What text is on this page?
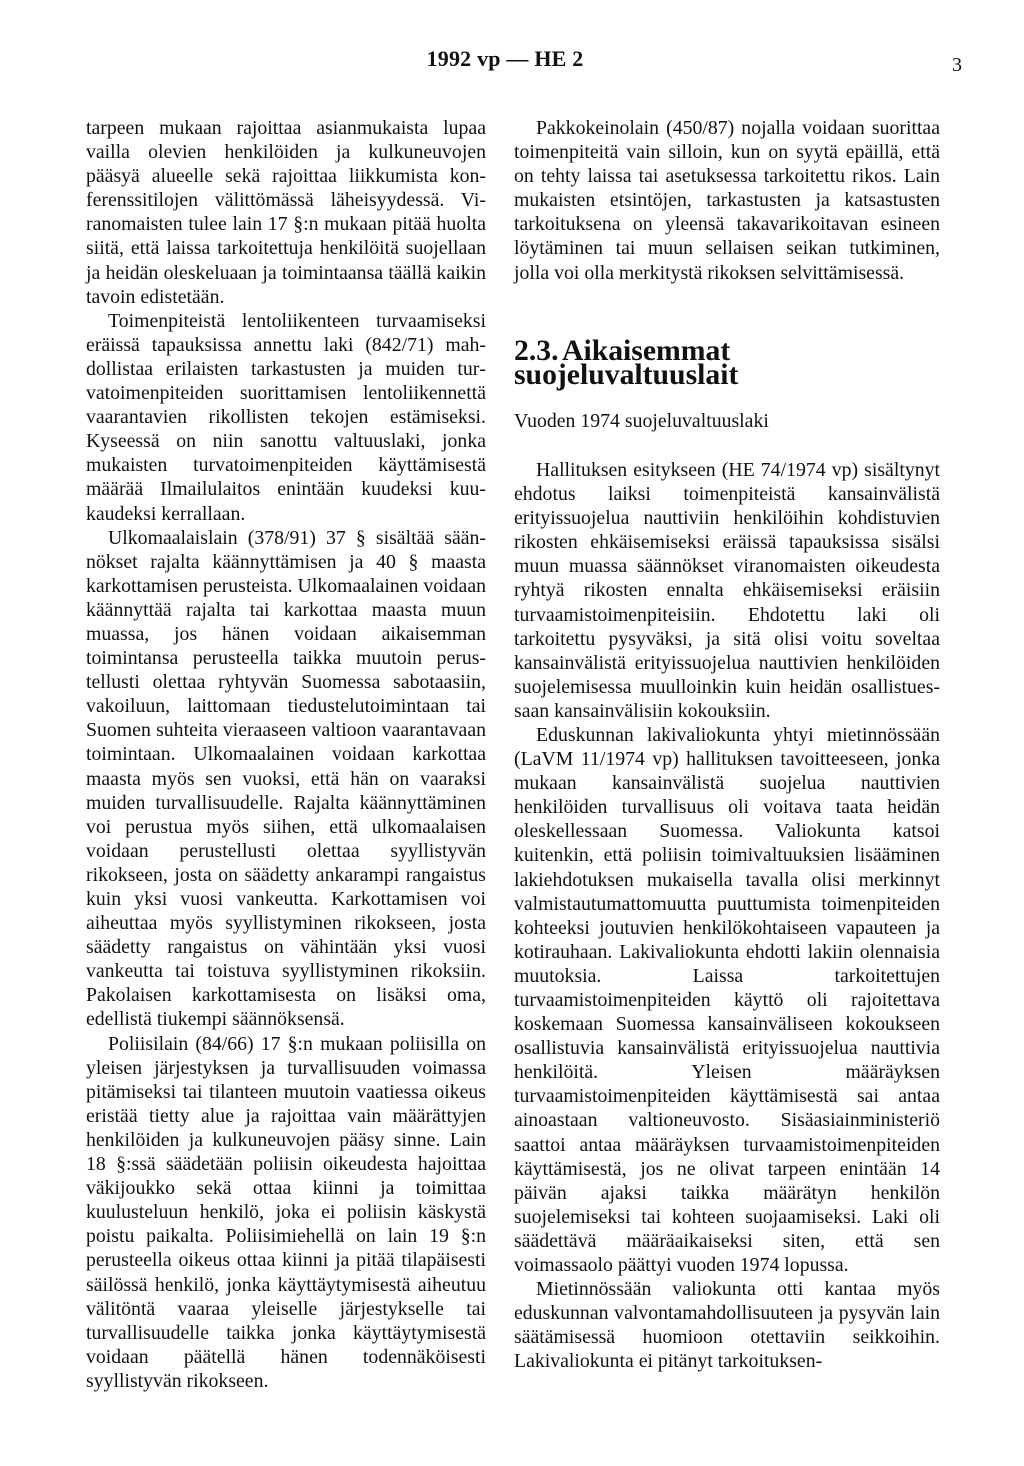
1992 vp — HE 2	3

tarpeen mukaan rajoittaa asianmukaista lupaa vailla olevien henkilöiden ja kulkuneuvojen pääsyä alueelle sekä rajoittaa liikkumista konferenssitilojen välittömässä läheisyydessä. Viranomaisten tulee lain 17 §:n mukaan pitää huolta siitä, että laissa tarkoitettuja henkilöitä suojellaan ja heidän oleskeluaan ja toimintaansa täällä kaikin tavoin edistetään.

Toimenpiteistä lentoliikenteen turvaamiseksi eräissä tapauksissa annettu laki (842/71) mahdollistaa erilaisten tarkastusten ja muiden turvatoimenpiteiden suorittamisen lentoliikennettä vaarantavien rikollisten tekojen estämiseksi. Kyseessä on niin sanottu valtuuslaki, jonka mukaisten turvatoimenpiteiden käyttämisestä määrää Ilmailulaitos enintään kuudeksi kuukaudeksi kerrallaan.

Ulkomaalaislain (378/91) 37 § sisältää säännökset rajalta käännyttämisen ja 40 § maasta karkottamisen perusteista. Ulkomaalainen voidaan käännyttää rajalta tai karkottaa maasta muun muassa, jos hänen voidaan aikaisemman toimintansa perusteella taikka muutoin perustellusti olettaa ryhtyvän Suomessa sabotaasiin, vakoiluun, laittomaan tiedustelutoimintaan tai Suomen suhteita vieraaseen valtioon vaarantavaan toimintaan. Ulkomaalainen voidaan karkottaa maasta myös sen vuoksi, että hän on vaaraksi muiden turvallisuudelle. Rajalta käännyttäminen voi perustua myös siihen, että ulkomaalaisen voidaan perustellusti olettaa syyllistyvän rikokseen, josta on säädetty ankarampi rangaistus kuin yksi vuosi vankeutta. Karkottamisen voi aiheuttaa myös syyllistyminen rikokseen, josta säädetty rangaistus on vähintään yksi vuosi vankeutta tai toistuva syyllistyminen rikoksiin. Pakolaisen karkottamisesta on lisäksi oma, edellistä tiukempi säännöksensä.

Poliisilain (84/66) 17 §:n mukaan poliisilla on yleisen järjestyksen ja turvallisuuden voimassa pitämiseksi tai tilanteen muutoin vaatiessa oikeus eristää tietty alue ja rajoittaa vain määrättyjen henkilöiden ja kulkuneuvojen pääsy sinne. Lain 18 §:ssä säädetään poliisin oikeudesta hajoittaa väkijoukko sekä ottaa kiinni ja toimittaa kuulusteluun henkilö, joka ei poliisin käskystä poistu paikalta. Poliisimiehellä on lain 19 §:n perusteella oikeus ottaa kiinni ja pitää tilapäisesti säilössä henkilö, jonka käyttäytymisestä aiheutuu välitöntä vaaraa yleiselle järjestykselle tai turvallisuudelle taikka jonka käyttäytymisestä voidaan päätellä hänen todennäköisesti syyllistyvän rikokseen.

Pakkokeinolain (450/87) nojalla voidaan suorittaa toimenpiteitä vain silloin, kun on syytä epäillä, että on tehty laissa tai asetuksessa tarkoitettu rikos. Lain mukaisten etsintöjen, tarkastusten ja katsastusten tarkoituksena on yleensä takavarikoitavan esineen löytäminen tai muun sellaisen seikan tutkiminen, jolla voi olla merkitystä rikoksen selvittämisessä.

2.3. Aikaisemmat suojeluvaltuuslait

Vuoden 1974 suojeluvaltuuslaki

Hallituksen esitykseen (HE 74/1974 vp) sisältynyt ehdotus laiksi toimenpiteistä kansainvälistä erityissuojelua nauttiviin henkilöihin kohdistuvien rikosten ehkäisemiseksi eräissä tapauksissa sisälsi muun muassa säännökset viranomaisten oikeudesta ryhtyä rikosten ennalta ehkäisemiseksi eräisiin turvaamistoimenpiteisiin. Ehdotettu laki oli tarkoitettu pysyväksi, ja sitä olisi voitu soveltaa kansainvälistä erityissuojelua nauttivien henkilöiden suojelemisessa muulloinkin kuin heidän osallistuessaan kansainvälisiin kokouksiin.

Eduskunnan lakivaliokunta yhtyi mietinnössään (LaVM 11/1974 vp) hallituksen tavoitteeseen, jonka mukaan kansainvälistä suojelua nauttivien henkilöiden turvallisuus oli voitava taata heidän oleskellessaan Suomessa. Valiokunta katsoi kuitenkin, että poliisin toimivaltuuksien lisääminen lakiehdotuksen mukaisella tavalla olisi merkinnyt valmistautumattomuutta puuttumista toimenpiteiden kohteeksi joutuvien henkilökohtaiseen vapauteen ja kotirauhaan. Lakivaliokunta ehdotti lakiin olennaisia muutoksia. Laissa tarkoitettujen turvaamistoimenpiteiden käyttö oli rajoitettava koskemaan Suomessa kansainväliseen kokoukseen osallistuvia kansainvälistä erityissuojelua nauttivia henkilöitä. Yleisen määräyksen turvaamistoimenpiteiden käyttämisestä sai antaa ainoastaan valtioneuvosto. Sisäasiainministeriö saattoi antaa määräyksen turvaamistoimenpiteiden käyttämisestä, jos ne olivat tarpeen enintään 14 päivän ajaksi taikka määrätyn henkilön suojelemiseksi tai kohteen suojaamiseksi. Laki oli säädettävä määräaikaiseksi siten, että sen voimassaolo päättyi vuoden 1974 lopussa.

Mietinnössään valiokunta otti kantaa myös eduskunnan valvontamahdollisuuteen ja pysyvän lain säätämisessä huomioon otettaviin seikkoihin. Lakivaliokunta ei pitänyt tarkoituksen-
